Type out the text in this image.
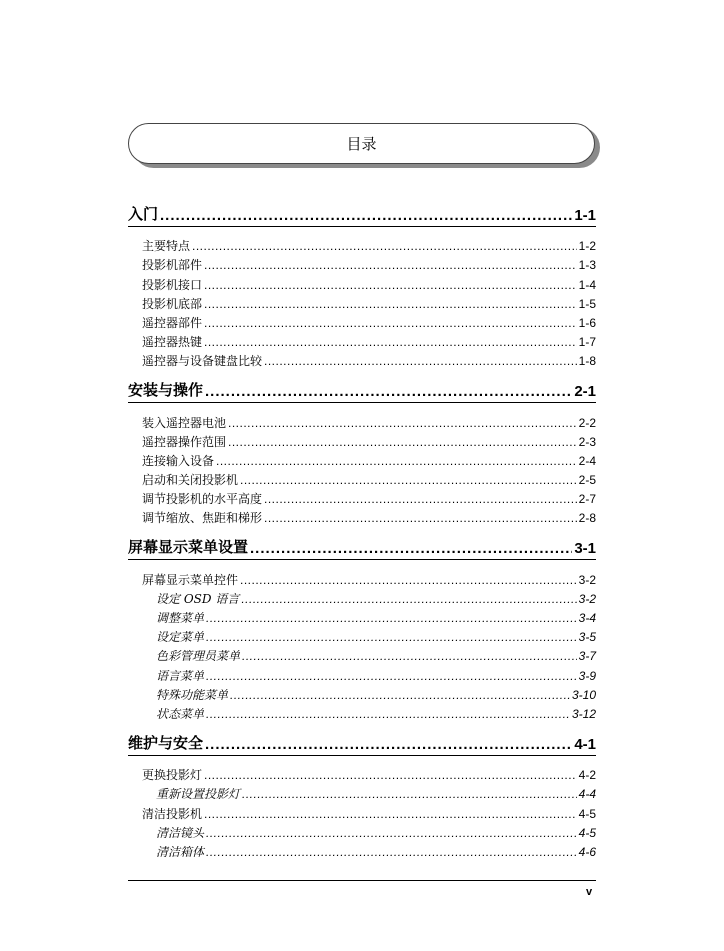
目录
入门 .....	1-1
主要特点 .....	1-2
投影机部件 .....	1-3
投影机接口 .....	1-4
投影机底部 .....	1-5
遥控器部件 .....	1-6
遥控器热键 .....	1-7
遥控器与设备键盘比较 .....	1-8
安装与操作 .....	2-1
装入遥控器电池 .....	2-2
遥控器操作范围 .....	2-3
连接输入设备 .....	2-4
启动和关闭投影机 .....	2-5
调节投影机的水平高度 .....	2-7
调节缩放、焦距和梯形 .....	2-8
屏幕显示菜单设置 .....	3-1
屏幕显示菜单控件 .....	3-2
设定 OSD 语言 .....	3-2
调整菜单 .....	3-4
设定菜单 .....	3-5
色彩管理员菜单 .....	3-7
语言菜单 .....	3-9
特殊功能菜单 .....	3-10
状态菜单 .....	3-12
维护与安全 .....	4-1
更换投影灯 .....	4-2
重新设置投影灯 .....	4-4
清洁投影机 .....	4-5
清洁镜头 .....	4-5
清洁箱体 .....	4-6
v
